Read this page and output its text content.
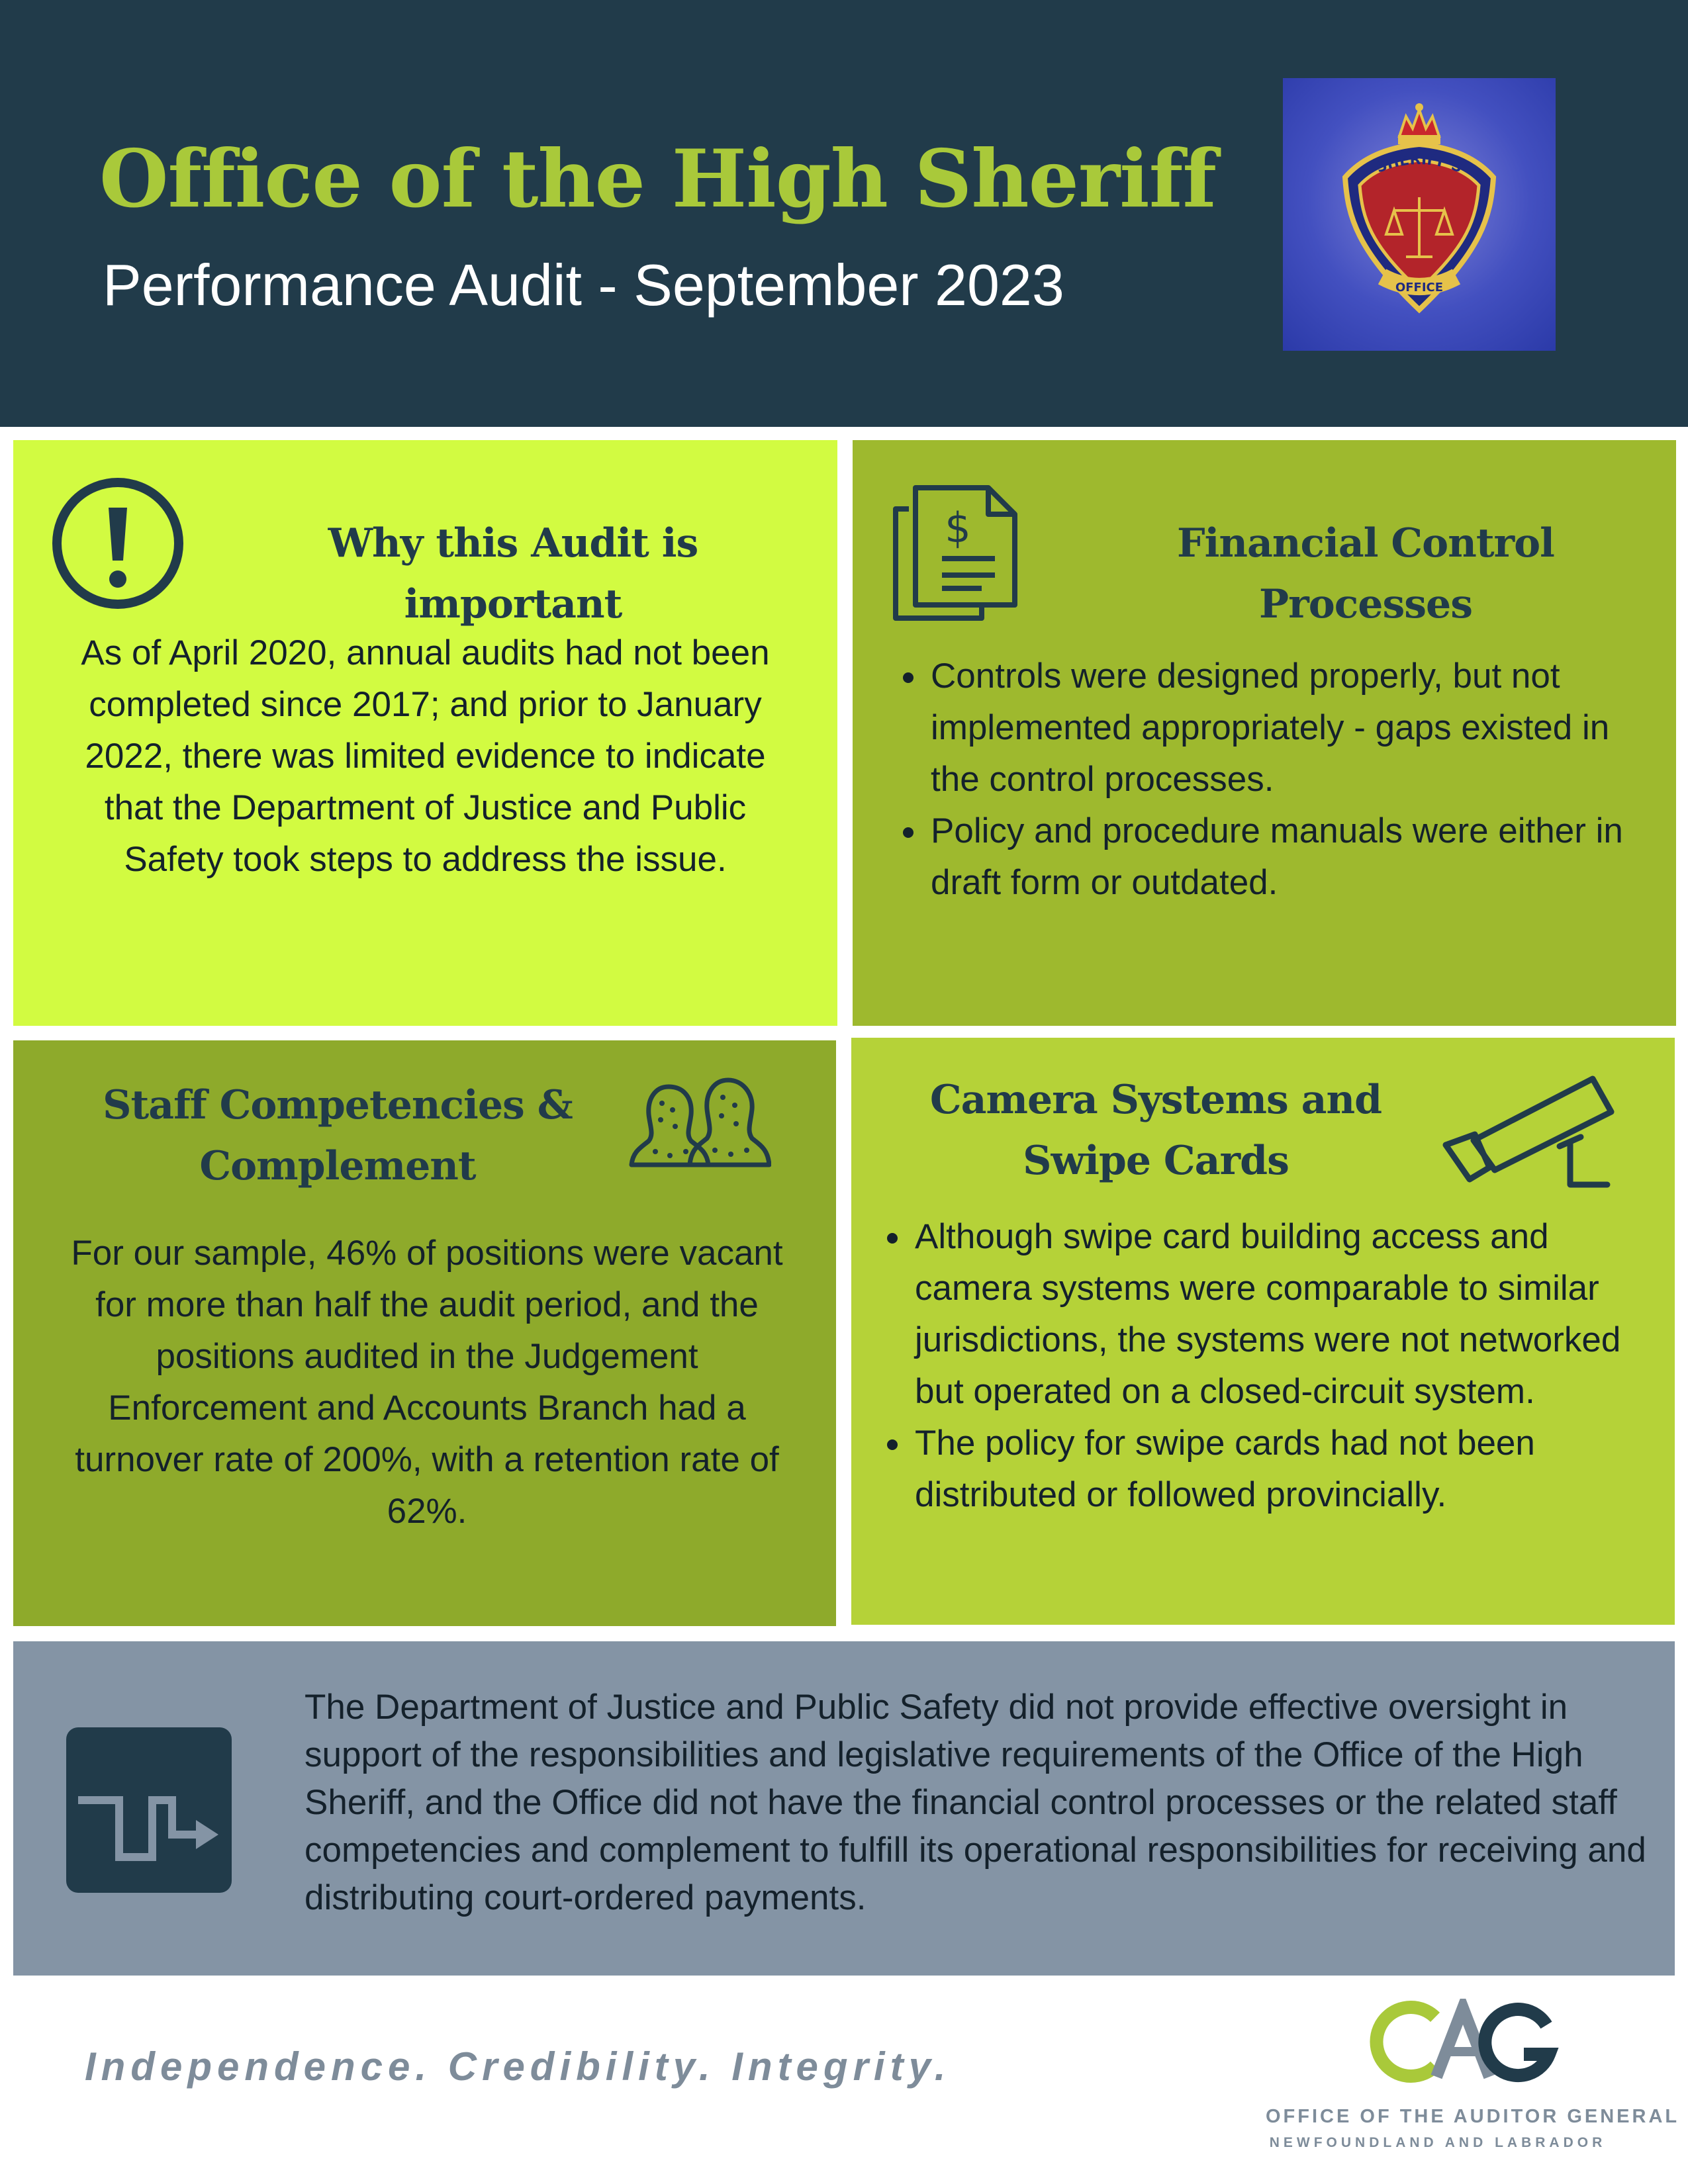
Office of the High Sheriff
Performance Audit - September 2023
SHERIFF'S
OFFICE
Why this Audit is important
As of April 2020, annual audits had not been completed since 2017; and prior to January 2022, there was limited evidence to indicate that the Department of Justice and Public Safety took steps to address the issue.
$	Financial Control Processes
• Controls were designed properly, but not implemented appropriately - gaps existed in the control processes.
• Policy and procedure manuals were either in draft form or outdated.
Staff Competencies &
Complement
For our sample, 46% of positions were vacant for more than half the audit period, and the positions audited in the Judgement Enforcement and Accounts Branch had a turnover rate of 200%, with a retention rate of 62%.
Camera Systems and
Swipe Cards
• Although swipe card building access and camera systems were comparable to similar jurisdictions, the systems were not networked but operated on a closed-circuit system.
• The policy for swipe cards had not been distributed or followed provincially.
The Department of Justice and Public Safety did not provide effective oversight in support of the responsibilities and legislative requirements of the Office of the High Sheriff, and the Office did not have the financial control processes or the related staff competencies and complement to fulfill its operational responsibilities for receiving and distributing court-ordered payments.
Independence. Credibility. Integrity.
OFFICE OF THE AUDITOR GENERAL
NEWFOUNDLAND AND LABRADOR
